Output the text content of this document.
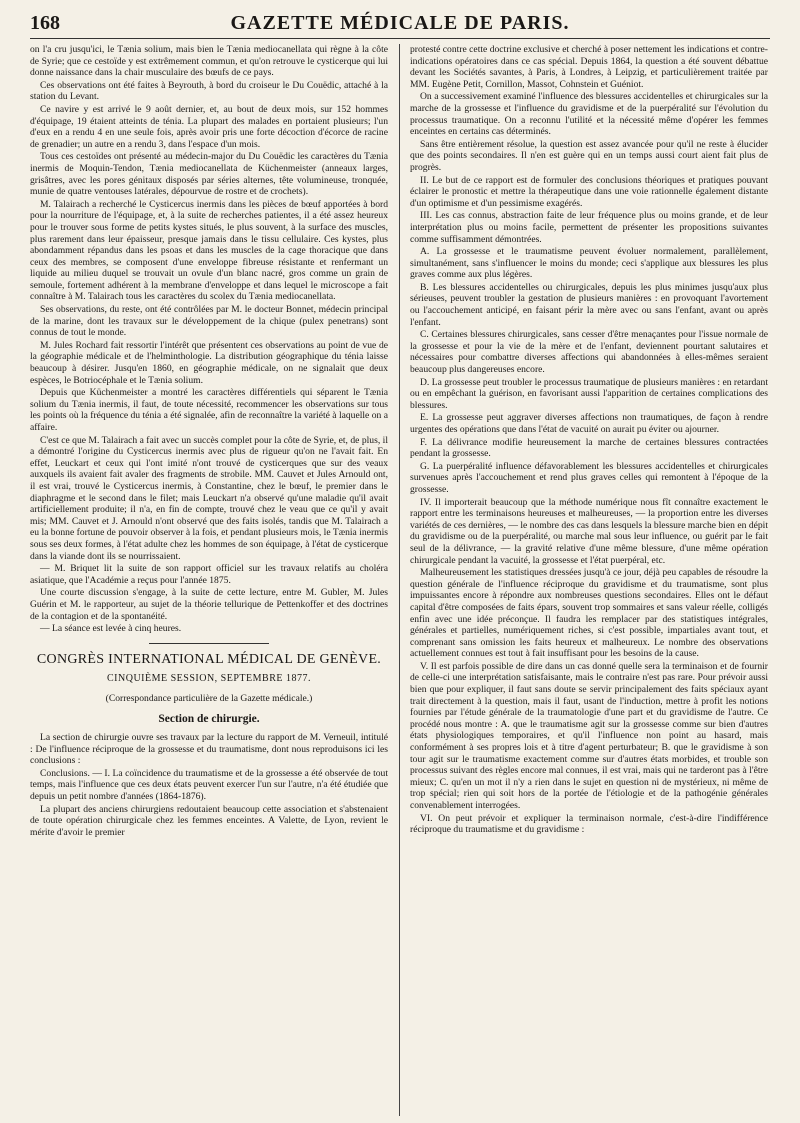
168	GAZETTE MÉDICALE DE PARIS.

on l'a cru jusqu'ici, le Tænia solium, mais bien le Tænia mediocanellata qui règne à la côte de Syrie; que ce cestoïde y est extrêmement commun, et qu'on retrouve le cysticerque qui lui donne naissance dans la chair musculaire des bœufs de ce pays.

Ces observations ont été faites à Beyrouth, à bord du croiseur le Du Couëdic, attaché à la station du Levant.

Ce navire y est arrivé le 9 août dernier, et, au bout de deux mois, sur 152 hommes d'équipage, 19 étaient atteints de ténia. La plupart des malades en portaient plusieurs; l'un d'eux en a rendu 4 en une seule fois, après avoir pris une forte décoction d'écorce de racine de grenadier; un autre en a rendu 3, dans l'espace d'un mois.

Tous ces cestoïdes ont présenté au médecin-major du Du Couëdic les caractères du Tænia inermis de Moquin-Tendon, Tænia mediocanellata de Küchenmeister (anneaux larges, grisâtres, avec les pores génitaux disposés par séries alternes, tête volumineuse, tronquée, munie de quatre ventouses latérales, dépourvue de rostre et de crochets).

M. Talairach a recherché le Cysticercus inermis dans les pièces de bœuf apportées à bord pour la nourriture de l'équipage, et, à la suite de recherches patientes, il a été assez heureux pour le trouver sous forme de petits kystes situés, le plus souvent, à la surface des muscles, plus rarement dans leur épaisseur, presque jamais dans le tissu cellulaire. Ces kystes, plus abondamment répandus dans les psoas et dans les muscles de la cage thoracique que dans ceux des membres, se composent d'une enveloppe fibreuse résistante et renfermant un liquide au milieu duquel se trouvait un ovule d'un blanc nacré, gros comme un grain de semoule, fortement adhérent à la membrane d'enveloppe et dans lequel le microscope a fait connaître à M. Talairach tous les caractères du scolex du Tænia mediocanellata.

Ses observations, du reste, ont été contrôlées par M. le docteur Bonnet, médecin principal de la marine, dont les travaux sur le développement de la chique (pulex penetrans) sont connus de tout le monde.

M. Jules Rochard fait ressortir l'intérêt que présentent ces observations au point de vue de la géographie médicale et de l'helminthologie. La distribution géographique du ténia laisse beaucoup à désirer. Jusqu'en 1860, en géographie médicale, on ne signalait que deux espèces, le Botriocéphale et le Tænia solium.

Depuis que Küchenmeister a montré les caractères différentiels qui séparent le Tænia solium du Tænia inermis, il faut, de toute nécessité, recommencer les observations sur tous les points où la fréquence du ténia a été signalée, afin de reconnaître la variété à laquelle on a affaire.

C'est ce que M. Talairach a fait avec un succès complet pour la côte de Syrie, et, de plus, il a démontré l'origine du Cysticercus inermis avec plus de rigueur qu'on ne l'avait fait. En effet, Leuckart et ceux qui l'ont imité n'ont trouvé de cysticerques que sur des veaux auxquels ils avaient fait avaler des fragments de strobile. MM. Cauvet et Jules Arnould ont, il est vrai, trouvé le Cysticercus inermis, à Constantine, chez le bœuf, le premier dans le diaphragme et le second dans le filet; mais Leuckart n'a observé qu'une maladie qu'il avait artificiellement produite; il n'a, en fin de compte, trouvé chez le veau que ce qu'il y avait mis; MM. Cauvet et J. Arnould n'ont observé que des faits isolés, tandis que M. Talairach a eu la bonne fortune de pouvoir observer à la fois, et pendant plusieurs mois, le Tænia inermis sous ses deux formes, à l'état adulte chez les hommes de son équipage, à l'état de cysticerque dans la viande dont ils se nourrissaient.

— M. Briquet lit la suite de son rapport officiel sur les travaux relatifs au choléra asiatique, que l'Académie a reçus pour l'année 1875.

Une courte discussion s'engage, à la suite de cette lecture, entre M. Gubler, M. Jules Guérin et M. le rapporteur, au sujet de la théorie tellurique de Pettenkoffer et des doctrines de la contagion et de la spontanéité.

— La séance est levée à cinq heures.

CONGRÈS INTERNATIONAL MÉDICAL DE GENÈVE.
CINQUIÈME SESSION, SEPTEMBRE 1877.
(Correspondance particulière de la Gazette médicale.)
Section de chirurgie.

La section de chirurgie ouvre ses travaux par la lecture du rapport de M. Verneuil, intitulé : De l'influence réciproque de la grossesse et du traumatisme, dont nous reproduisons ici les conclusions :

Conclusions. — I. La coïncidence du traumatisme et de la grossesse a été observée de tout temps, mais l'influence que ces deux états peuvent exercer l'un sur l'autre, n'a été étudiée que depuis un petit nombre d'années (1864-1876).

La plupart des anciens chirurgiens redoutaient beaucoup cette association et s'abstenaient de toute opération chirurgicale chez les femmes enceintes. A Valette, de Lyon, revient le mérite d'avoir le premier

protesté contre cette doctrine exclusive et cherché à poser nettement les indications et contre-indications opératoires dans ce cas spécial. Depuis 1864, la question a été souvent débattue devant les Sociétés savantes, à Paris, à Londres, à Leipzig, et particulièrement traitée par MM. Eugène Petit, Cornillon, Massot, Cohnstein et Guéniot.

On a successivement examiné l'influence des blessures accidentelles et chirurgicales sur la marche de la grossesse et l'influence du gravidisme et de la puerpéralité sur l'évolution du processus traumatique. On a reconnu l'utilité et la nécessité même d'opérer les femmes enceintes en certains cas déterminés.

Sans être entièrement résolue, la question est assez avancée pour qu'il ne reste à élucider que des points secondaires. Il n'en est guère qui en un temps aussi court aient fait plus de progrès.

II. Le but de ce rapport est de formuler des conclusions théoriques et pratiques pouvant éclairer le pronostic et mettre la thérapeutique dans une voie rationnelle également distante d'un optimisme et d'un pessimisme exagérés.

III. Les cas connus, abstraction faite de leur fréquence plus ou moins grande, et de leur interprétation plus ou moins facile, permettent de présenter les propositions suivantes comme suffisamment démontrées.

A. La grossesse et le traumatisme peuvent évoluer normalement, parallèlement, simultanément, sans s'influencer le moins du monde; ceci s'applique aux blessures les plus graves comme aux plus légères.

B. Les blessures accidentelles ou chirurgicales, depuis les plus minimes jusqu'aux plus sérieuses, peuvent troubler la gestation de plusieurs manières : en provoquant l'avortement ou l'accouchement anticipé, en faisant périr la mère avec ou sans l'enfant, avant ou après l'enfant.

C. Certaines blessures chirurgicales, sans cesser d'être menaçantes pour l'issue normale de la grossesse et pour la vie de la mère et de l'enfant, deviennent pourtant salutaires et nécessaires pour combattre diverses affections qui abandonnées à elles-mêmes seraient beaucoup plus dangereuses encore.

D. La grossesse peut troubler le processus traumatique de plusieurs manières : en retardant ou en empêchant la guérison, en favorisant aussi l'apparition de certaines complications des blessures.

E. La grossesse peut aggraver diverses affections non traumatiques, de façon à rendre urgentes des opérations que dans l'état de vacuité on aurait pu éviter ou ajourner.

F. La délivrance modifie heureusement la marche de certaines blessures contractées pendant la grossesse.

G. La puerpéralité influence défavorablement les blessures accidentelles et chirurgicales survenues après l'accouchement et rend plus graves celles qui remontent à l'époque de la grossesse.

IV. Il importerait beaucoup que la méthode numérique nous fît connaître exactement le rapport entre les terminaisons heureuses et malheureuses, — la proportion entre les diverses variétés de ces dernières, — le nombre des cas dans lesquels la blessure marche bien en dépit du gravidisme ou de la puerpéralité, ou marche mal sous leur influence, ou guérit par le fait seul de la délivrance, — la gravité relative d'une même blessure, d'une même opération chirurgicale pendant la vacuité, la grossesse et l'état puerpéral, etc.

Malheureusement les statistiques dressées jusqu'à ce jour, déjà peu capables de résoudre la question générale de l'influence réciproque du gravidisme et du traumatisme, sont plus impuissantes encore à répondre aux nombreuses questions secondaires. Elles ont le défaut capital d'être composées de faits épars, souvent trop sommaires et sans valeur réelle, colligés enfin avec une idée préconçue. Il faudra les remplacer par des statistiques intégrales, générales et partielles, numériquement riches, si c'est possible, impartiales avant tout, et comprenant sans omission les faits heureux et malheureux. Le nombre des observations actuellement connues est tout à fait insuffisant pour les besoins de la cause.

V. Il est parfois possible de dire dans un cas donné quelle sera la terminaison et de fournir de celle-ci une interprétation satisfaisante, mais le contraire n'est pas rare. Pour prévoir aussi bien que pour expliquer, il faut sans doute se servir principalement des faits spéciaux ayant trait directement à la question, mais il faut, usant de l'induction, mettre à profit les notions fournies par l'étude générale de la traumatologie d'une part et du gravidisme de l'autre. Ce procédé nous montre : A. que le traumatisme agit sur la grossesse comme sur bien d'autres états physiologiques temporaires, et qu'il l'influence non point au hasard, mais conformément à ses propres lois et à titre d'agent perturbateur; B. que le gravidisme à son tour agit sur le traumatisme exactement comme sur d'autres états morbides, et trouble son processus suivant des règles encore mal connues, il est vrai, mais qui ne tarderont pas à l'être mieux; C. qu'en un mot il n'y a rien dans le sujet en question ni de mystérieux, ni même de trop spécial; rien qui soit hors de la portée de l'étiologie et de la pathogénie générales convenablement interrogées.

VI. On peut prévoir et expliquer la terminaison normale, c'est-à-dire l'indifférence réciproque du traumatisme et du gravidisme :
